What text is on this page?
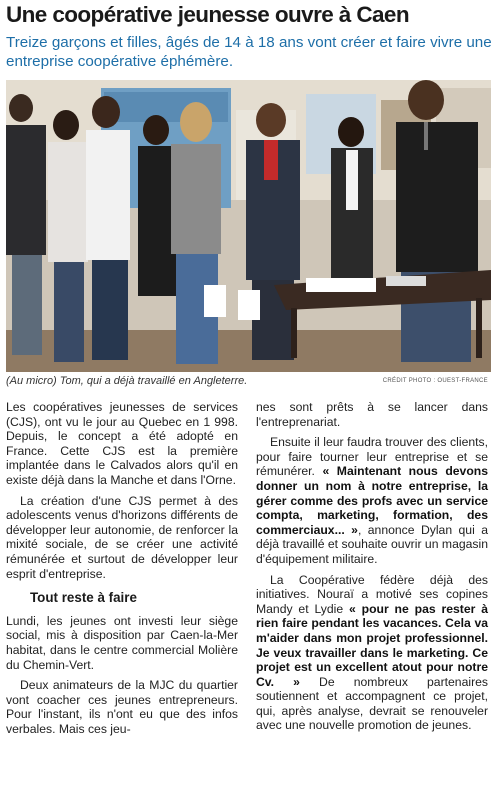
Une coopérative jeunesse ouvre à Caen

Treize garçons et filles, âgés de 14 à 18 ans vont créer et faire vivre une entreprise coopérative éphémère.

(Au micro) Tom, qui a déjà travaillé en Angleterre.	CRÉDIT PHOTO : OUEST-FRANCE

Les coopératives jeunesses de services (CJS), ont vu le jour au Quebec en 1 998. Depuis, le concept a été adopté en France. Cette CJS est la première implantée dans le Calvados alors qu'il en existe déjà dans la Manche et dans l'Orne.

La création d'une CJS permet à des adolescents venus d'horizons différents de développer leur autonomie, de renforcer la mixité sociale, de se créer une activité rémunérée et surtout de développer leur esprit d'entreprise.

Tout reste à faire

Lundi, les jeunes ont investi leur siège social, mis à disposition par Caen-la-Mer habitat, dans le centre commercial Molière du Chemin-Vert.

Deux animateurs de la MJC du quartier vont coacher ces jeunes entrepreneurs. Pour l'instant, ils n'ont eu que des infos verbales. Mais ces jeu-

nes sont prêts à se lancer dans l'entreprenariat.

Ensuite il leur faudra trouver des clients, pour faire tourner leur entreprise et se rémunérer. « Maintenant nous devons donner un nom à notre entreprise, la gérer comme des profs avec un service compta, marketing, formation, des commerciaux... », annonce Dylan qui a déjà travaillé et souhaite ouvrir un magasin d'équipement militaire.

La Coopérative fédère déjà des initiatives. Nouraï a motivé ses copines Mandy et Lydie « pour ne pas rester à rien faire pendant les vacances. Cela va m'aider dans mon projet professionnel. Je veux travailler dans le marketing. Ce projet est un excellent atout pour notre Cv. » De nombreux partenaires soutiennent et accompagnent ce projet, qui, après analyse, devrait se renouveler avec une nouvelle promotion de jeunes.
